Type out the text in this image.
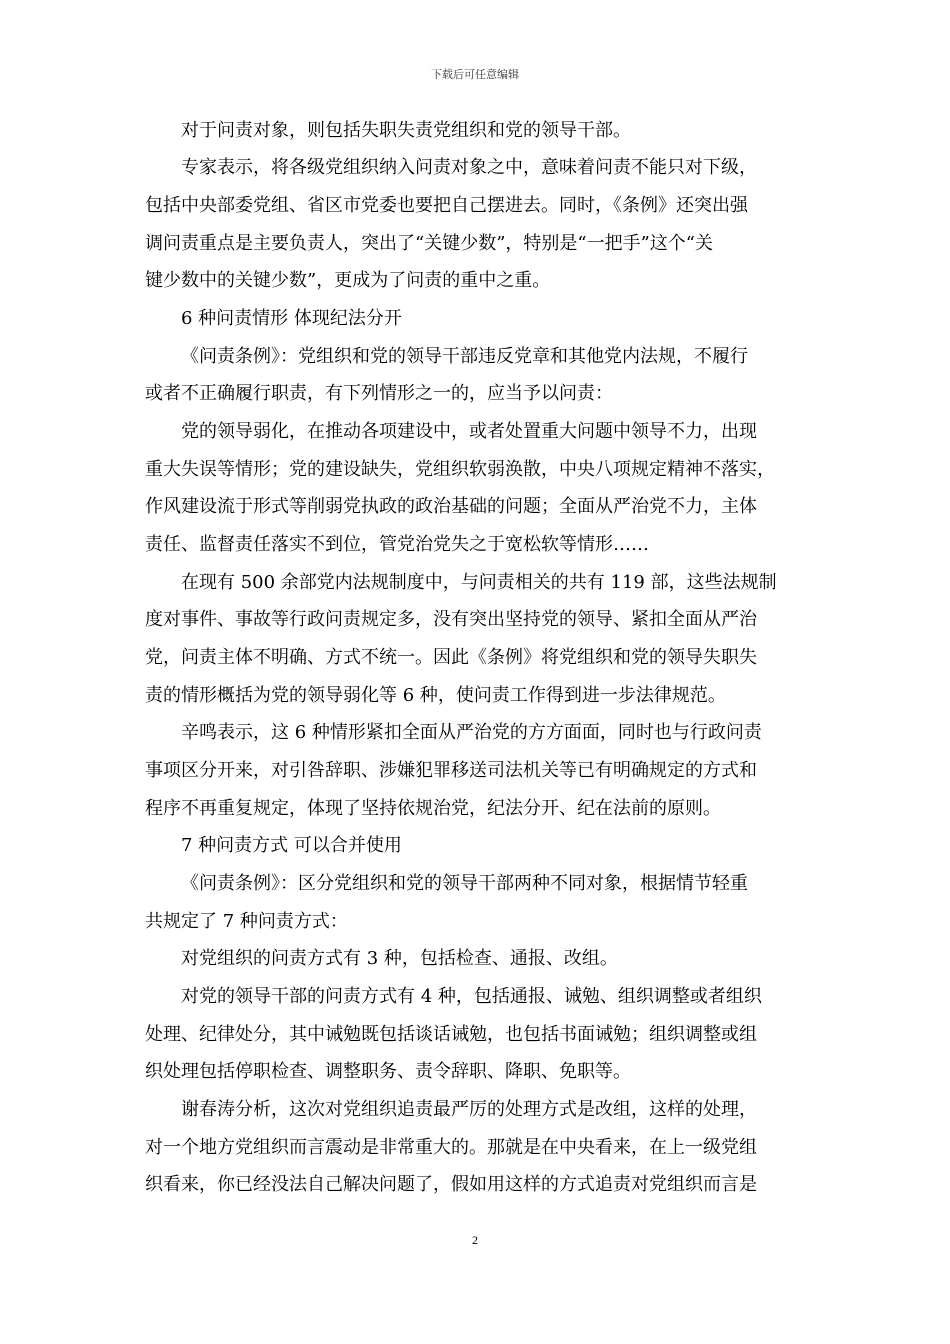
下载后可任意编辑
对于问责对象，则包括失职失责党组织和党的领导干部。
专家表示，将各级党组织纳入问责对象之中，意味着问责不能只对下级，
包括中央部委党组、省区市党委也要把自己摆进去。同时，《条例》还突出强
调问责重点是主要负责人，突出了“关键少数”，特别是“一把手”这个“关
键少数中的关键少数”，更成为了问责的重中之重。
6 种问责情形 体现纪法分开
《问责条例》：党组织和党的领导干部违反党章和其他党内法规，不履行
或者不正确履行职责，有下列情形之一的，应当予以问责：
党的领导弱化，在推动各项建设中，或者处置重大问题中领导不力，出现
重大失误等情形；党的建设缺失，党组织软弱涣散，中央八项规定精神不落实，
作风建设流于形式等削弱党执政的政治基础的问题；全面从严治党不力，主体
责任、监督责任落实不到位，管党治党失之于宽松软等情形……
在现有 500 余部党内法规制度中，与问责相关的共有 119 部，这些法规制
度对事件、事故等行政问责规定多，没有突出坚持党的领导、紧扣全面从严治
党，问责主体不明确、方式不统一。因此《条例》将党组织和党的领导失职失
责的情形概括为党的领导弱化等 6 种，使问责工作得到进一步法律规范。
辛鸣表示，这 6 种情形紧扣全面从严治党的方方面面，同时也与行政问责
事项区分开来，对引咎辞职、涉嫌犯罪移送司法机关等已有明确规定的方式和
程序不再重复规定，体现了坚持依规治党，纪法分开、纪在法前的原则。
7 种问责方式 可以合并使用
《问责条例》：区分党组织和党的领导干部两种不同对象，根据情节轻重
共规定了 7 种问责方式：
对党组织的问责方式有 3 种，包括检查、通报、改组。
对党的领导干部的问责方式有 4 种，包括通报、诫勉、组织调整或者组织
处理、纪律处分，其中诫勉既包括谈话诫勉，也包括书面诫勉；组织调整或组
织处理包括停职检查、调整职务、责令辞职、降职、免职等。
谢春涛分析，这次对党组织追责最严厉的处理方式是改组，这样的处理，
对一个地方党组织而言震动是非常重大的。那就是在中央看来，在上一级党组
织看来，你已经没法自己解决问题了，假如用这样的方式追责对党组织而言是
2
